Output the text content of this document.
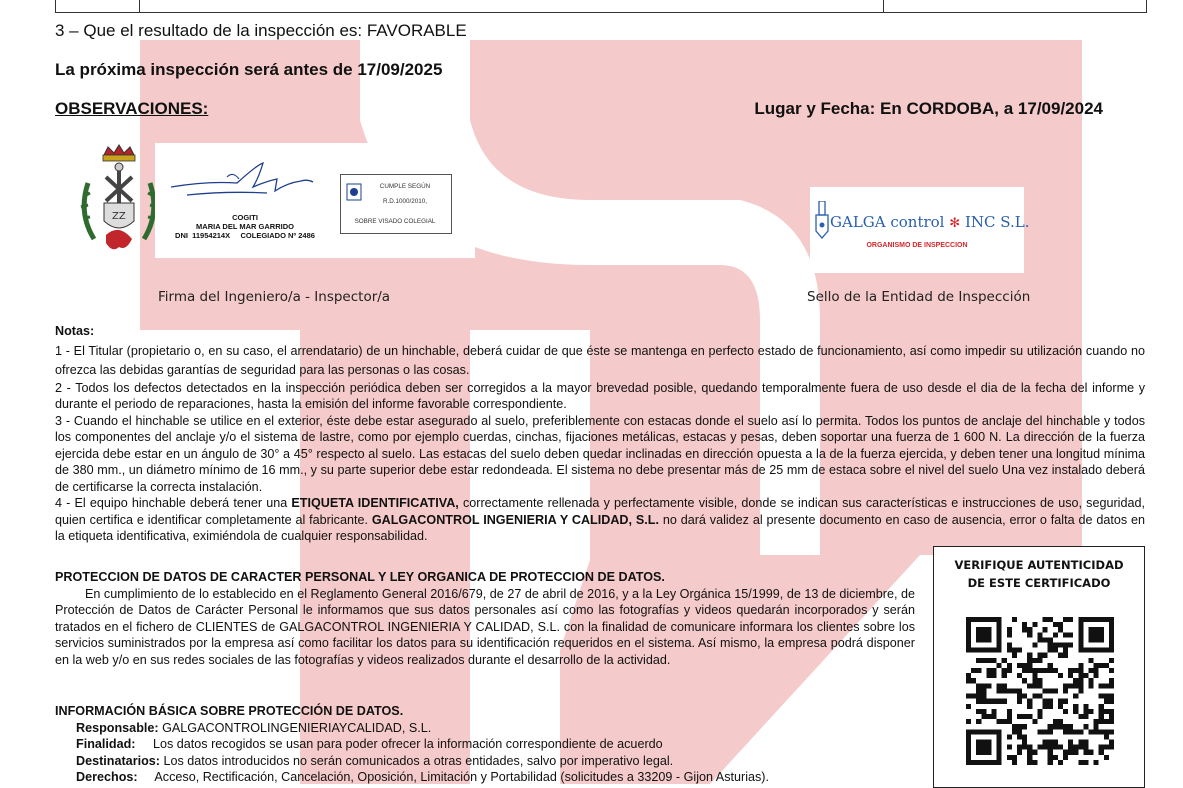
3 – Que el resultado de la inspección es: FAVORABLE
La próxima inspección será antes de 17/09/2025
OBSERVACIONES:	Lugar y Fecha: En CORDOBA, a 17/09/2024
ZZ	COGITI
MARIA DEL MAR GARRIDO
DNI  11954214X     COLEGIADO Nº 2486
CUMPLE SEGÚN
R.D.1000/2010,
SOBRE VISADO COLEGIAL	GALGA control ✻ INC S.L.
ORGANISMO DE INSPECCION
Firma del Ingeniero/a - Inspector/a	Sello de la Entidad de Inspección

Notas:

1 - El Titular (propietario o, en su caso, el arrendatario) de un hinchable, deberá cuidar de que éste se mantenga en perfecto estado de funcionamiento, así como impedir su utilización cuando no ofrezca las debidas garantías de seguridad para las personas o las cosas.

2 - Todos los defectos detectados en la inspección periódica deben ser corregidos a la mayor brevedad posible, quedando temporalmente fuera de uso desde el dia de la fecha del informe y durante el periodo de reparaciones, hasta la emisión del informe favorable correspondiente.

3 - Cuando el hinchable se utilice en el exterior, éste debe estar asegurado al suelo, preferiblemente con estacas donde el suelo así lo permita. Todos los puntos de anclaje del hinchable y todos los componentes del anclaje y/o el sistema de lastre, como por ejemplo cuerdas, cinchas, fijaciones metálicas, estacas y pesas, deben soportar una fuerza de 1 600 N. La dirección de la fuerza ejercida debe estar en un ángulo de 30° a 45° respecto al suelo. Las estacas del suelo deben quedar inclinadas en dirección opuesta a la de la fuerza ejercida, y deben tener una longitud mínima de 380 mm., un diámetro mínimo de 16 mm., y su parte superior debe estar redondeada. El sistema no debe presentar más de 25 mm de estaca sobre el nivel del suelo Una vez instalado deberá de certificarse la correcta instalación.

4 - El equipo hinchable deberá tener una ETIQUETA IDENTIFICATIVA, correctamente rellenada y perfectamente visible, donde se indican sus características e instrucciones de uso, seguridad, quien certifica e identificar completamente al fabricante. GALGACONTROL INGENIERIA Y CALIDAD, S.L. no dará validez al presente documento en caso de ausencia, error o falta de datos en la etiqueta identificativa, eximiéndola de cualquier responsabilidad.

PROTECCION DE DATOS DE CARACTER PERSONAL Y LEY ORGANICA DE PROTECCION DE DATOS.

En cumplimiento de lo establecido en el Reglamento General 2016/679, de 27 de abril de 2016, y a la Ley Orgánica 15/1999, de 13 de diciembre, de Protección de Datos de Carácter Personal le informamos que sus datos personales así como las fotografías y videos quedarán incorporados y serán tratados en el fichero de CLIENTES de GALGACONTROL INGENIERIA Y CALIDAD, S.L. con la finalidad de comunicare informara los clientes sobre los servicios suministrados por la empresa así como facilitar los datos para su identificación requeridos en el sistema. Así mismo, la empresa podrá disponer en la web y/o en sus redes sociales de las fotografías y videos realizados durante el desarrollo de la actividad.

INFORMACIÓN BÁSICA SOBRE PROTECCIÓN DE DATOS.

Responsable: GALGACONTROLINGENIERIAYCALIDAD, S.L.

Finalidad: Los datos recogidos se usan para poder ofrecer la información correspondiente de acuerdo

Destinatarios: Los datos introducidos no serán comunicados a otras entidades, salvo por imperativo legal.

Derechos: Acceso, Rectificación, Cancelación, Oposición, Limitación y Portabilidad (solicitudes a 33209 - Gijon Asturias).

VERIFIQUE AUTENTICIDAD
DE ESTE CERTIFICADO
